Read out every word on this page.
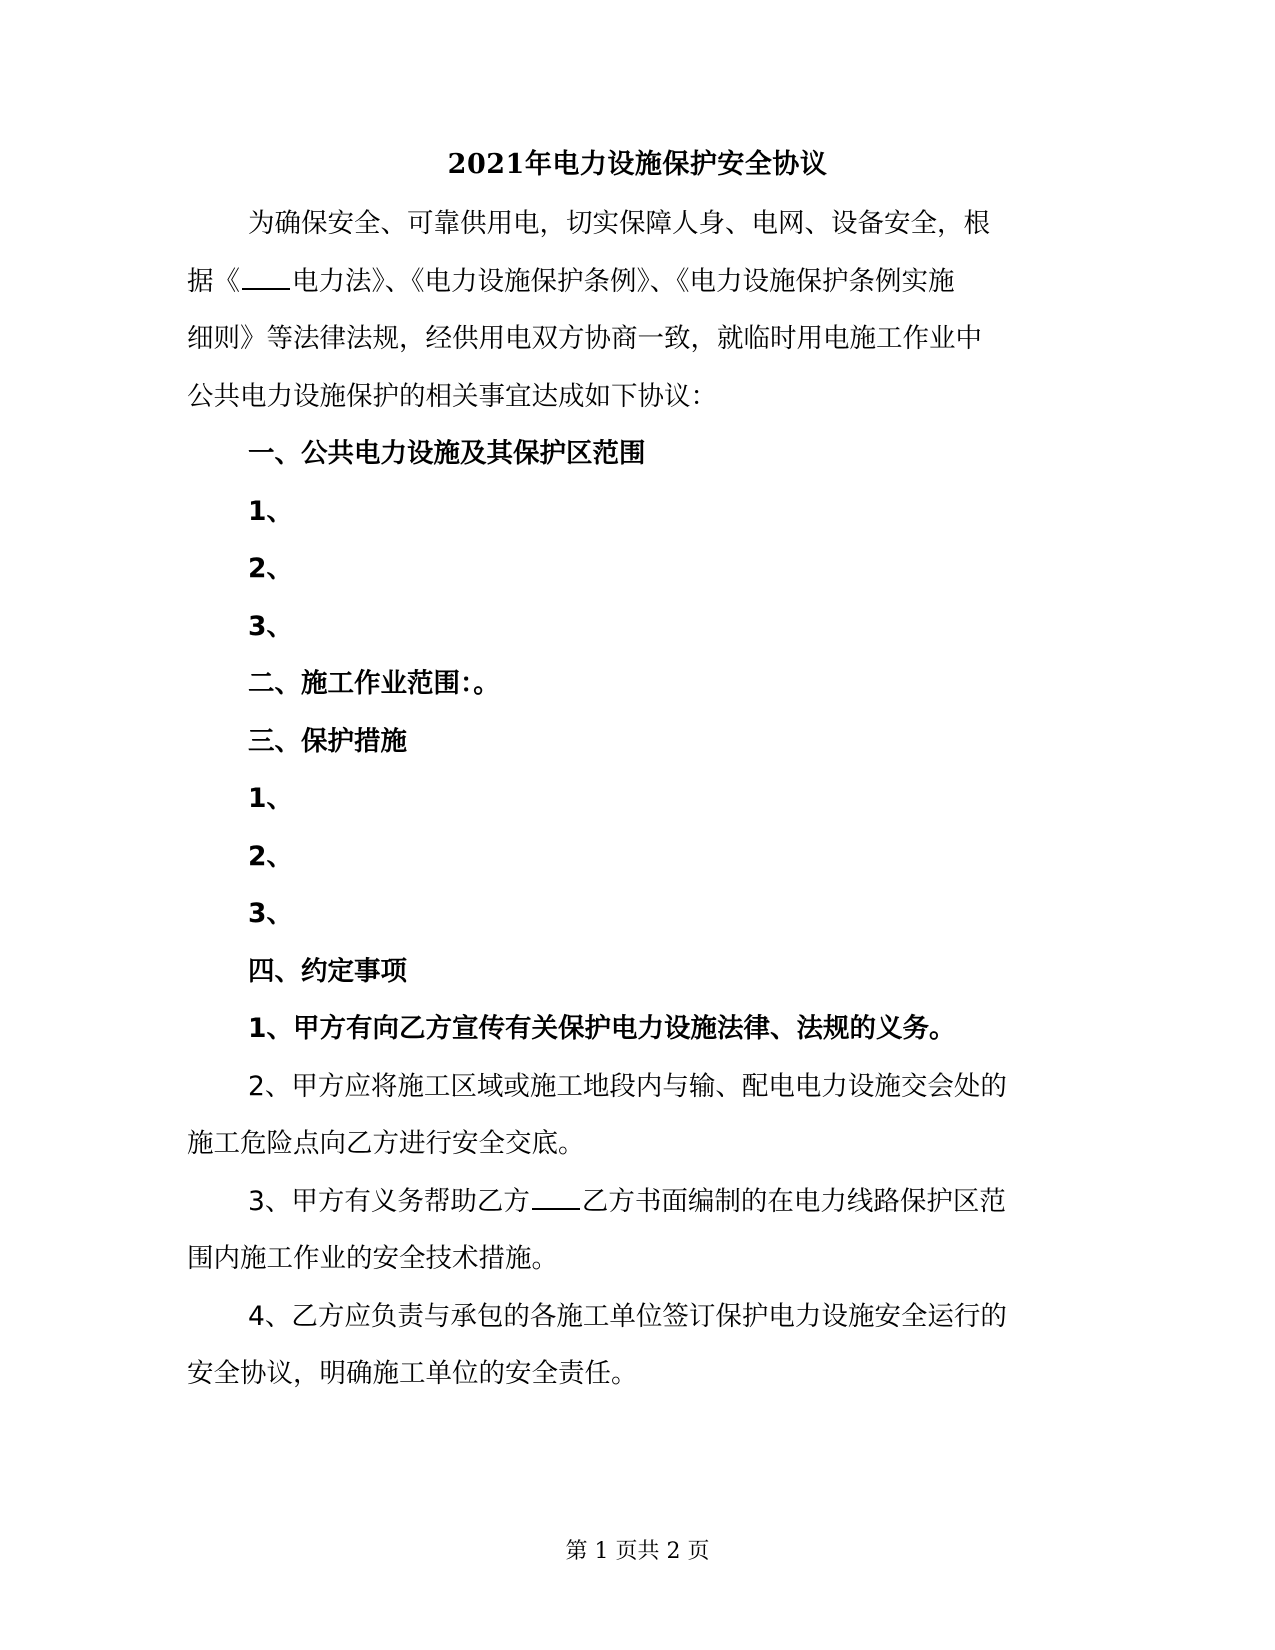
2021年电力设施保护安全协议

为确保安全、可靠供用电，切实保障人身、电网、设备安全，根
据《 电力法》、《电力设施保护条例》、《电力设施保护条例实施
细则》等法律法规，经供用电双方协商一致，就临时用电施工作业中
公共电力设施保护的相关事宜达成如下协议：

一、公共电力设施及其保护区范围

1、

2、

3、

二、施工作业范围：。

三、保护措施

1、

2、

3、

四、约定事项

1、甲方有向乙方宣传有关保护电力设施法律、法规的义务。

2、甲方应将施工区域或施工地段内与输、配电电力设施交会处的
施工危险点向乙方进行安全交底。

3、甲方有义务帮助乙方 乙方书面编制的在电力线路保护区范
围内施工作业的安全技术措施。

4、乙方应负责与承包的各施工单位签订保护电力设施安全运行的
安全协议，明确施工单位的安全责任。

第 1 页共 2 页
